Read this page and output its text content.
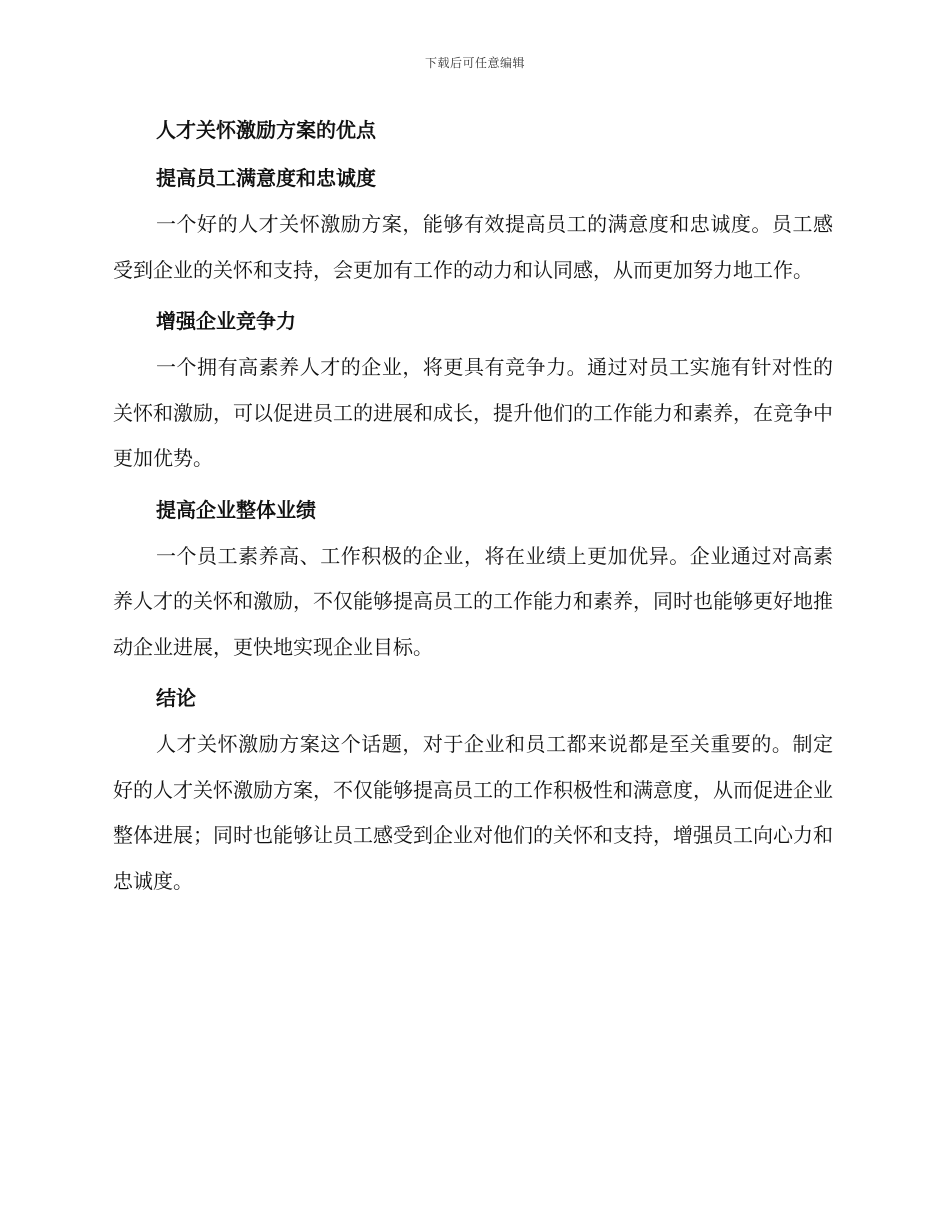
下载后可任意编辑
人才关怀激励方案的优点
提高员工满意度和忠诚度

一个好的人才关怀激励方案，能够有效提高员工的满意度和忠诚度。员工感受到企业的关怀和支持，会更加有工作的动力和认同感，从而更加努力地工作。

增强企业竞争力

一个拥有高素养人才的企业，将更具有竞争力。通过对员工实施有针对性的关怀和激励，可以促进员工的进展和成长，提升他们的工作能力和素养，在竞争中更加优势。

提高企业整体业绩

一个员工素养高、工作积极的企业，将在业绩上更加优异。企业通过对高素养人才的关怀和激励，不仅能够提高员工的工作能力和素养，同时也能够更好地推动企业进展，更快地实现企业目标。

结论

人才关怀激励方案这个话题，对于企业和员工都来说都是至关重要的。制定好的人才关怀激励方案，不仅能够提高员工的工作积极性和满意度，从而促进企业整体进展；同时也能够让员工感受到企业对他们的关怀和支持，增强员工向心力和忠诚度。
